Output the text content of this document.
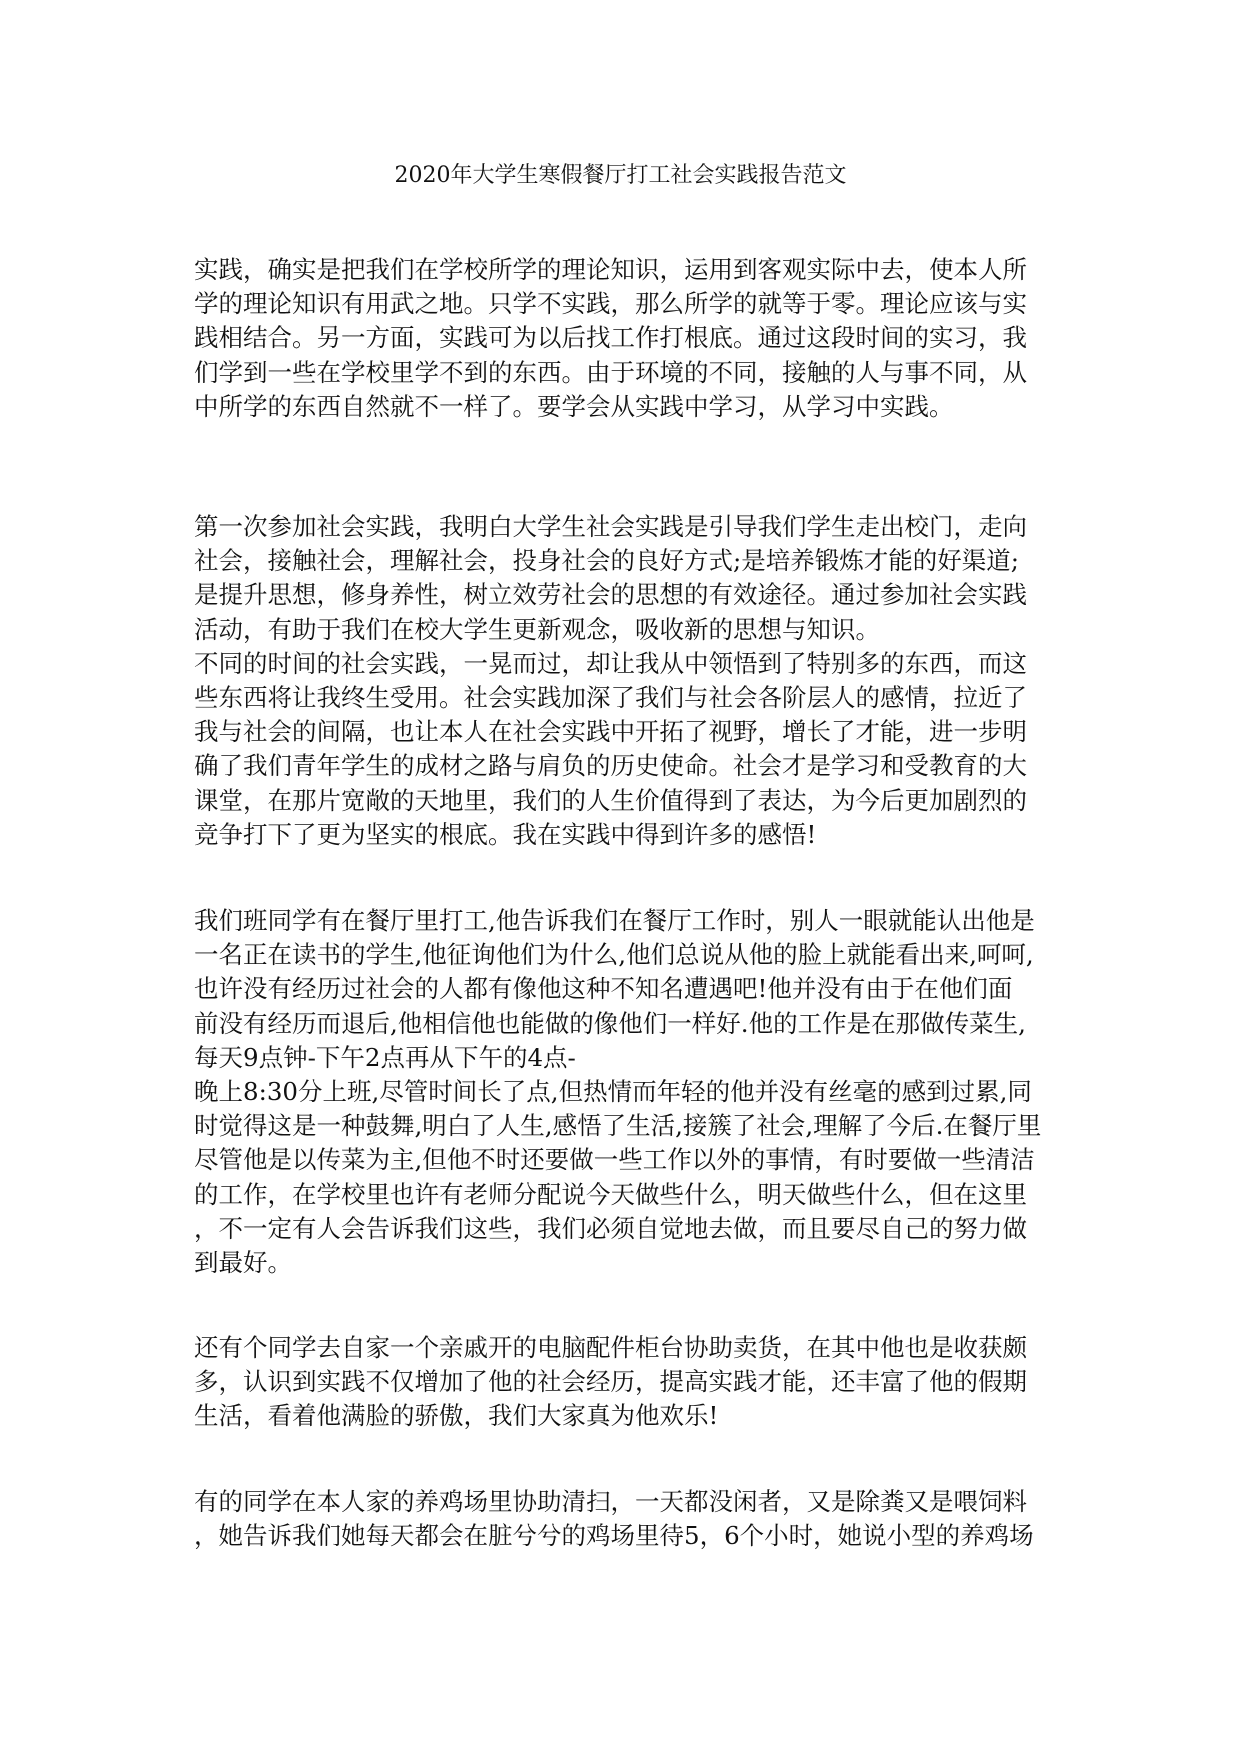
2020年大学生寒假餐厅打工社会实践报告范文
实践，确实是把我们在学校所学的理论知识，运用到客观实际中去，使本人所
学的理论知识有用武之地。只学不实践，那么所学的就等于零。理论应该与实
践相结合。另一方面，实践可为以后找工作打根底。通过这段时间的实习，我
们学到一些在学校里学不到的东西。由于环境的不同，接触的人与事不同，从
中所学的东西自然就不一样了。要学会从实践中学习，从学习中实践。
第一次参加社会实践，我明白大学生社会实践是引导我们学生走出校门，走向
社会，接触社会，理解社会，投身社会的良好方式;是培养锻炼才能的好渠道;
是提升思想，修身养性，树立效劳社会的思想的有效途径。通过参加社会实践
活动，有助于我们在校大学生更新观念，吸收新的思想与知识。
不同的时间的社会实践，一晃而过，却让我从中领悟到了特别多的东西，而这
些东西将让我终生受用。社会实践加深了我们与社会各阶层人的感情，拉近了
我与社会的间隔，也让本人在社会实践中开拓了视野，增长了才能，进一步明
确了我们青年学生的成材之路与肩负的历史使命。社会才是学习和受教育的大
课堂，在那片宽敞的天地里，我们的人生价值得到了表达，为今后更加剧烈的
竞争打下了更为坚实的根底。我在实践中得到许多的感悟!
我们班同学有在餐厅里打工,他告诉我们在餐厅工作时，别人一眼就能认出他是
一名正在读书的学生,他征询他们为什么,他们总说从他的脸上就能看出来,呵呵,
也许没有经历过社会的人都有像他这种不知名遭遇吧!他并没有由于在他们面
前没有经历而退后,他相信他也能做的像他们一样好.他的工作是在那做传菜生,
每天9点钟-下午2点再从下午的4点-
晚上8:30分上班,尽管时间长了点,但热情而年轻的他并没有丝毫的感到过累,同
时觉得这是一种鼓舞,明白了人生,感悟了生活,接簇了社会,理解了今后.在餐厅里
尽管他是以传菜为主,但他不时还要做一些工作以外的事情，有时要做一些清洁
的工作，在学校里也许有老师分配说今天做些什么，明天做些什么，但在这里
，不一定有人会告诉我们这些，我们必须自觉地去做，而且要尽自己的努力做
到最好。
还有个同学去自家一个亲戚开的电脑配件柜台协助卖货，在其中他也是收获颇
多，认识到实践不仅增加了他的社会经历，提高实践才能，还丰富了他的假期
生活，看着他满脸的骄傲，我们大家真为他欢乐!
有的同学在本人家的养鸡场里协助清扫，一天都没闲者，又是除粪又是喂饲料
，她告诉我们她每天都会在脏兮兮的鸡场里待5，6个小时，她说小型的养鸡场
